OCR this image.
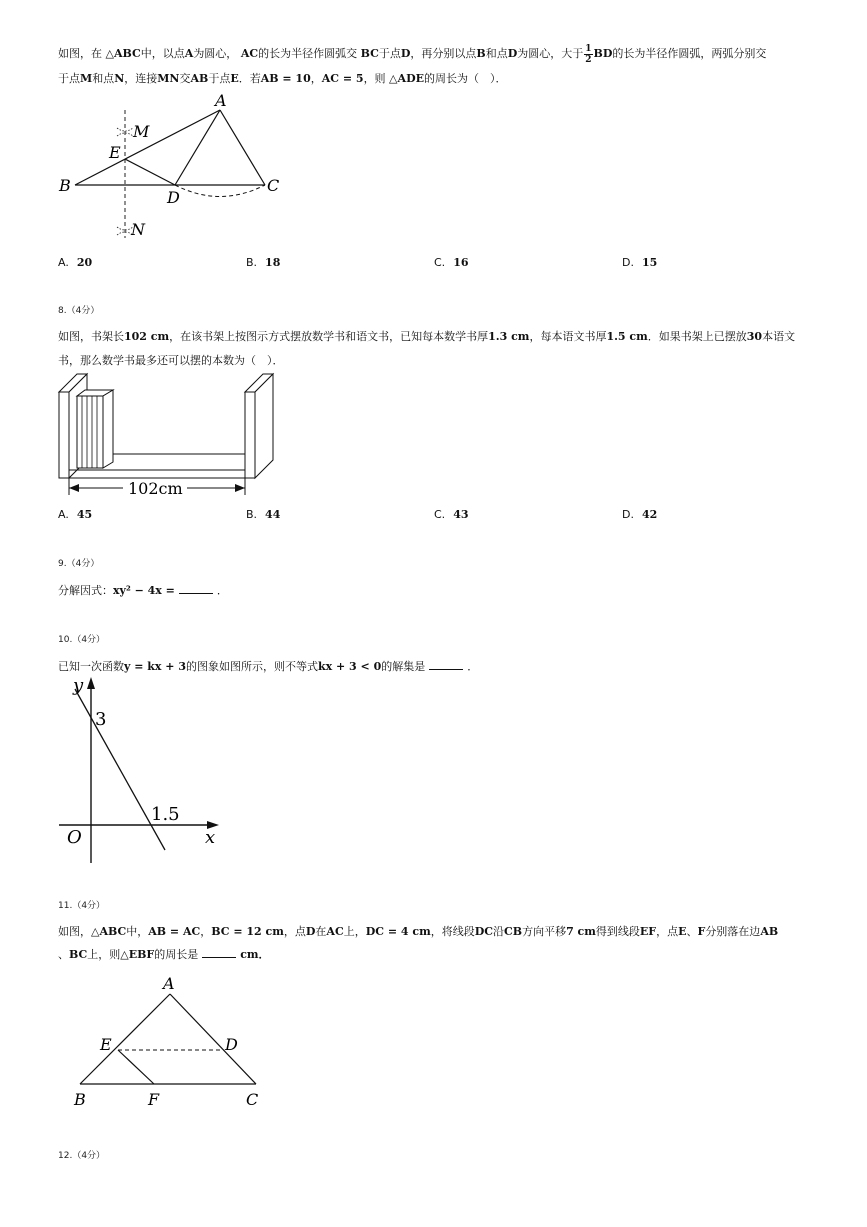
如图，在 △ABC中，以点A为圆心， AC的长为半径作圆弧交 BC于点D，再分别以点B和点D为圆心，大于 $\frac{1}{2}$ BD的长为半径作圆弧，两弧分别交
于点M和点N，连接MN交AB于点E．若AB = 10，AC = 5，则 △ADE的周长为（　）．
A
B	C
D
E
M
N
A. 20	B. 18	C. 16	D. 15
8.（4分）
如图，书架长102 cm，在该书架上按图示方式摆放数学书和语文书，已知每本数学书厚1.3 cm，每本语文书厚1.5 cm．如果书架上已摆放30本语文
书，那么数学书最多还可以摆的本数为（　）．
102cm
A. 45	B. 44	C. 43	D. 42
9.（4分）
分解因式：xy² − 4x =	．
10.（4分）
已知一次函数y = kx + 3的图象如图所示，则不等式kx + 3 < 0的解集是	．
y
x
O
3
1.5
11.（4分）
如图，△ABC中，AB = AC，BC = 12 cm，点D在AC上，DC = 4 cm，将线段DC沿CB方向平移7 cm得到线段EF，点E、F分别落在边AB
、BC上，则△EBF的周长是	cm．
A
B	C
D
E
F
12.（4分）
